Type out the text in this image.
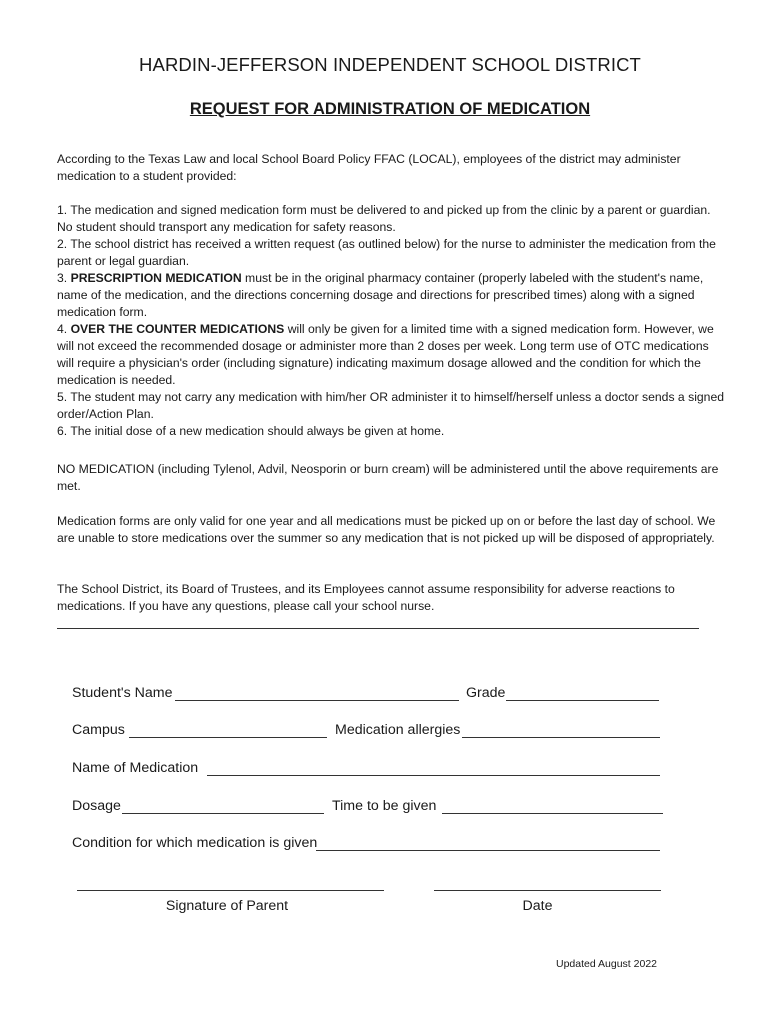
HARDIN-JEFFERSON INDEPENDENT SCHOOL DISTRICT
REQUEST FOR ADMINISTRATION OF MEDICATION
According to the Texas Law and local School Board Policy FFAC (LOCAL), employees of the district may administer medication to a student provided:

1. The medication and signed medication form must be delivered to and picked up from the clinic by a parent or guardian. No student should transport any medication for safety reasons.

2. The school district has received a written request (as outlined below) for the nurse to administer the medication from the parent or legal guardian.

3. PRESCRIPTION MEDICATION must be in the original pharmacy container (properly labeled with the student's name, name of the medication, and the directions concerning dosage and directions for prescribed times) along with a signed medication form.

4. OVER THE COUNTER MEDICATIONS will only be given for a limited time with a signed medication form. However, we will not exceed the recommended dosage or administer more than 2 doses per week. Long term use of OTC medications will require a physician's order (including signature) indicating maximum dosage allowed and the condition for which the medication is needed.

5. The student may not carry any medication with him/her OR administer it to himself/herself unless a doctor sends a signed order/Action Plan.

6. The initial dose of a new medication should always be given at home.

NO MEDICATION (including Tylenol, Advil, Neosporin or burn cream) will be administered until the above requirements are met.
Medication forms are only valid for one year and all medications must be picked up on or before the last day of school. We are unable to store medications over the summer so any medication that is not picked up will be disposed of appropriately.
The School District, its Board of Trustees, and its Employees cannot assume responsibility for adverse reactions to medications. If you have any questions, please call your school nurse.
Student's Name	Grade
Campus	Medication allergies
Name of Medication
Dosage	Time to be given
Condition for which medication is given
Signature of Parent	Date
Updated August 2022
